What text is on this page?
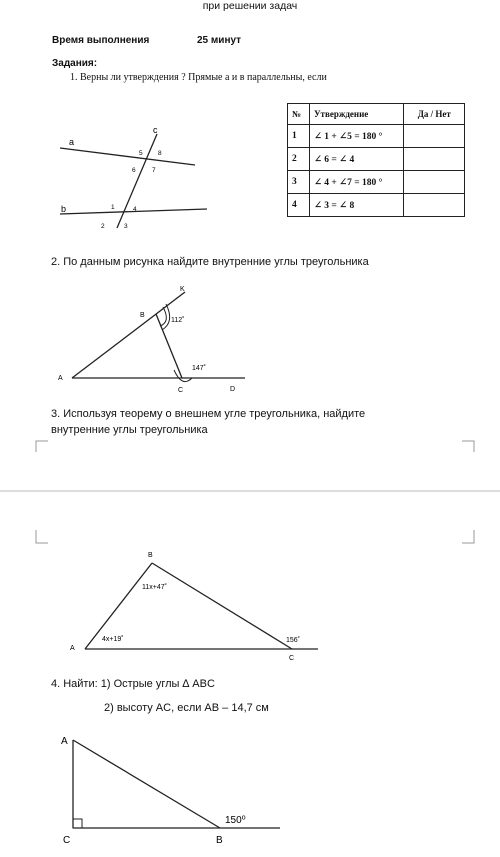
при решении задач
Время выполнения	25 минут
Задания:
1. Верны ли утверждения ? Прямые а и в параллельны, если
a
b
c
5 8
6	7
1	4
2	3
№	Утверждение	Да / Нет
1	∠ 1 + ∠5 = 180 °	
2	∠ 6 = ∠ 4	
3	∠ 4 + ∠7 = 180 °	
4	∠ 3 = ∠ 8	
2. По данным рисунка найдите внутренние углы треугольника
K
B
A
C	D
112˚
147˚
3. Используя теорему о внешнем угле треугольника, найдите
внутренние углы треугольника
B
A
C
11x+47˚
4x+19˚	156˚
4. Найти: 1) Острые углы ∆ ABC
2) высоту AC, если AB – 14,7 см
A
C	B
150⁰
